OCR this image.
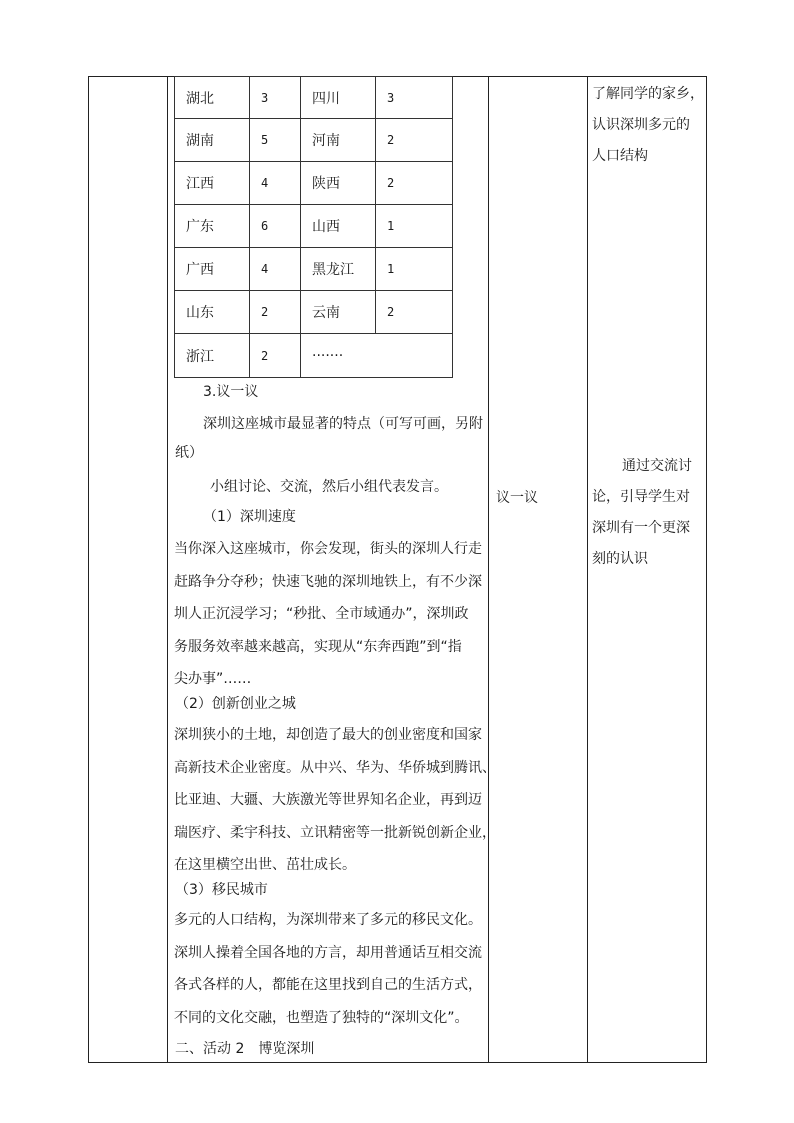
湖北	3	四川	3
湖南	5	河南	2
江西	4	陕西	2
广东	6	山西	1
广西	4	黑龙江	1
山东	2	云南	2
浙江	2	·······	
3.议一议
深圳这座城市最显著的特点（可写可画，另附
纸）
小组讨论、交流，然后小组代表发言。
（1）深圳速度
当你深入这座城市，你会发现，街头的深圳人行走
赶路争分夺秒；快速飞驰的深圳地铁上，有不少深
圳人正沉浸学习；“秒批、全市域通办”，深圳政
务服务效率越来越高，实现从“东奔西跑”到“指
尖办事”……
（2）创新创业之城
深圳狭小的土地，却创造了最大的创业密度和国家
高新技术企业密度。从中兴、华为、华侨城到腾讯、
比亚迪、大疆、大族激光等世界知名企业，再到迈
瑞医疗、柔宇科技、立讯精密等一批新锐创新企业，
在这里横空出世、茁壮成长。
（3）移民城市
多元的人口结构，为深圳带来了多元的移民文化。
深圳人操着全国各地的方言，却用普通话互相交流
各式各样的人，都能在这里找到自己的生活方式，
不同的文化交融，也塑造了独特的“深圳文化”。
二、活动 2　博览深圳
议一议
了解同学的家乡，
认识深圳多元的
人口结构
通过交流讨
论，引导学生对
深圳有一个更深
刻的认识
